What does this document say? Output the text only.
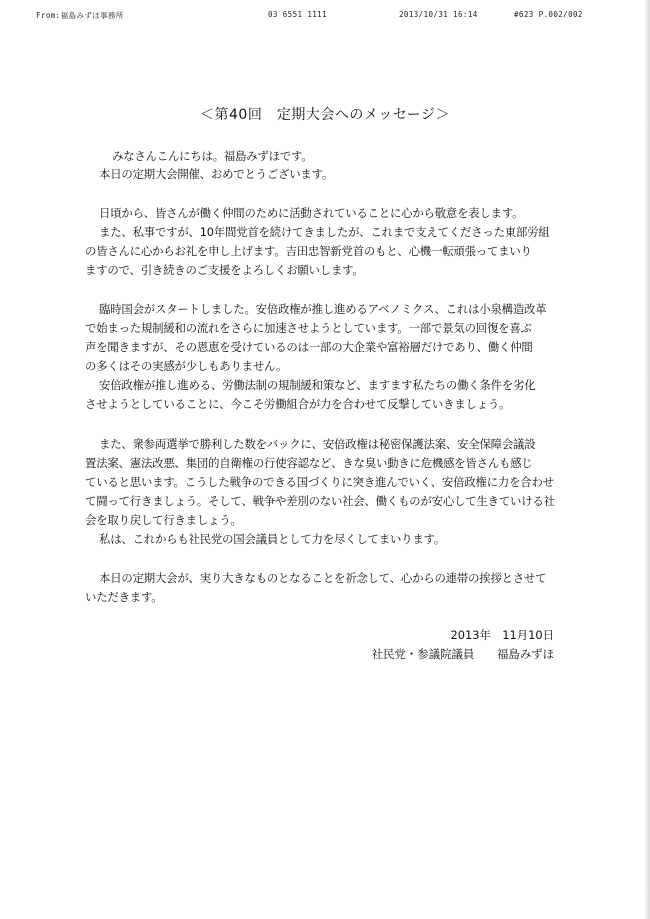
From:福島みずほ事務所	03 6551 1111	2013/10/31 16:14	#623 P.002/002
＜第40回　定期大会へのメッセージ＞
みなさんこんにちは。福島みずほです。
本日の定期大会開催、おめでとうございます。
日頃から、皆さんが働く仲間のために活動されていることに心から敬意を表します。
また、私事ですが、10年間党首を続けてきましたが、これまで支えてくださった東部労組
の皆さんに心からお礼を申し上げます。吉田忠智新党首のもと、心機一転頑張ってまいり
ますので、引き続きのご支援をよろしくお願いします。
臨時国会がスタートしました。安倍政権が推し進めるアベノミクス、これは小泉構造改革
で始まった規制緩和の流れをさらに加速させようとしています。一部で景気の回復を喜ぶ
声を聞きますが、その恩恵を受けているのは一部の大企業や富裕層だけであり、働く仲間
の多くはその実感が少しもありません。
安倍政権が推し進める、労働法制の規制緩和策など、ますます私たちの働く条件を劣化
させようとしていることに、今こそ労働組合が力を合わせて反撃していきましょう。
また、衆参両選挙で勝利した数をバックに、安倍政権は秘密保護法案、安全保障会議設
置法案、憲法改悪、集団的自衛権の行使容認など、きな臭い動きに危機感を皆さんも感じ
ていると思います。こうした戦争のできる国づくりに突き進んでいく、安倍政権に力を合わせ
て闘って行きましょう。そして、戦争や差別のない社会、働くものが安心して生きていける社
会を取り戻して行きましょう。
私は、これからも社民党の国会議員として力を尽くしてまいります。
本日の定期大会が、実り大きなものとなることを祈念して、心からの連帯の挨拶とさせて
いただきます。
2013年　11月10日
社民党・参議院議員　　福島みずほ
